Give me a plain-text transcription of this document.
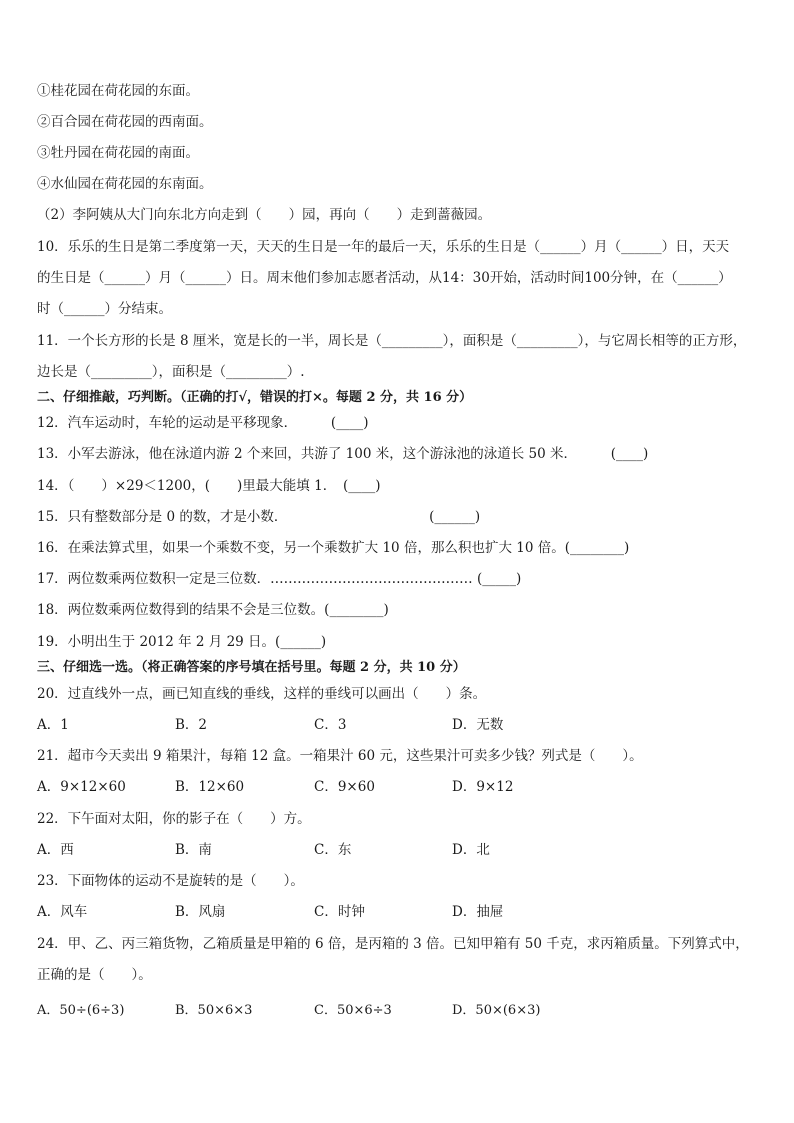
①桂花园在荷花园的东面。
②百合园在荷花园的西南面。
③牡丹园在荷花园的南面。
④水仙园在荷花园的东南面。
（2）李阿姨从大门向东北方向走到（　　）园，再向（　　）走到蔷薇园。
10．乐乐的生日是第二季度第一天，天天的生日是一年的最后一天，乐乐的生日是（______）月（______）日，天天
的生日是（______）月（______）日。周末他们参加志愿者活动，从14：30开始，活动时间100分钟，在（______）
时（______）分结束。
11．一个长方形的长是 8 厘米，宽是长的一半，周长是（_________），面积是（_________），与它周长相等的正方形，
边长是（_________），面积是（_________）.
二、仔细推敲，巧判断。（正确的打√，错误的打×。每题 2 分，共 16 分）
12．汽车运动时，车轮的运动是平移现象．　　　(____)
13．小军去游泳，他在泳道内游 2 个来回，共游了 100 米，这个游泳池的泳道长 50 米．　　　(____)
14．（　　）×29＜1200，(　　)里最大能填 1．　(____)
15．只有整数部分是 0 的数，才是小数．　　　　　　　　　　　(______)
16．在乘法算式里，如果一个乘数不变，另一个乘数扩大 10 倍，那么积也扩大 10 倍。(________)
17．两位数乘两位数积一定是三位数．……………………………………… (_____)
18．两位数乘两位数得到的结果不会是三位数。(________)
19．小明出生于 2012 年 2 月 29 日。(______)
三、仔细选一选。（将正确答案的序号填在括号里。每题 2 分，共 10 分）
20．过直线外一点，画已知直线的垂线，这样的垂线可以画出（　　）条。
A．1	B．2	C．3	D．无数
21．超市今天卖出 9 箱果汁，每箱 12 盒。一箱果汁 60 元，这些果汁可卖多少钱？列式是（　　）。
A．9×12×60	B．12×60	C．9×60	D．9×12
22．下午面对太阳，你的影子在（　　）方。
A．西	B．南	C．东	D．北
23．下面物体的运动不是旋转的是（　　）。
A．风车	B．风扇	C．时钟	D．抽屉
24．甲、乙、丙三箱货物，乙箱质量是甲箱的 6 倍，是丙箱的 3 倍。已知甲箱有 50 千克，求丙箱质量。下列算式中，
正确的是（　　）。
A．50÷(6÷3)	B．50×6×3	C．50×6÷3	D．50×(6×3)
